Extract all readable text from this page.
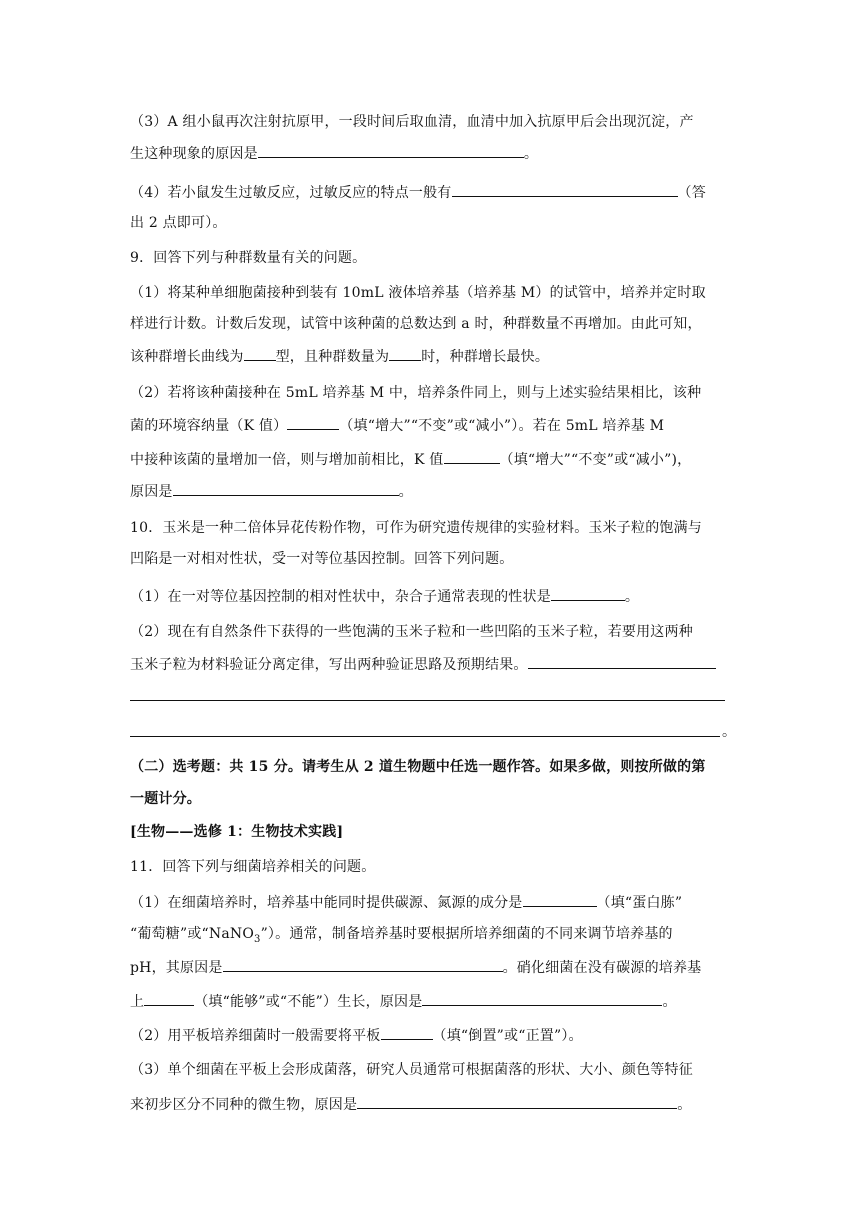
（3）A 组小鼠再次注射抗原甲，一段时间后取血清，血清中加入抗原甲后会出现沉淀，产
生这种现象的原因是	。
（4）若小鼠发生过敏反应，过敏反应的特点一般有	（答
出 2 点即可）。
9．回答下列与种群数量有关的问题。
（1）将某种单细胞菌接种到装有 10mL 液体培养基（培养基 M）的试管中，培养并定时取
样进行计数。计数后发现，试管中该种菌的总数达到 a 时，种群数量不再增加。由此可知，
该种群增长曲线为 型，且种群数量为 时，种群增长最快。
（2）若将该种菌接种在 5mL 培养基 M 中，培养条件同上，则与上述实验结果相比，该种
菌的环境容纳量（K 值）	（填“增大”“不变”或“减小”）。若在 5mL 培养基 M
中接种该菌的量增加一倍，则与增加前相比，K 值	（填“增大”“不变”或“减小”)，
原因是	。
10．玉米是一种二倍体异花传粉作物，可作为研究遗传规律的实验材料。玉米子粒的饱满与
凹陷是一对相对性状，受一对等位基因控制。回答下列问题。
（1）在一对等位基因控制的相对性状中，杂合子通常表现的性状是	。
（2）现在有自然条件下获得的一些饱满的玉米子粒和一些凹陷的玉米子粒，若要用这两种
玉米子粒为材料验证分离定律，写出两种验证思路及预期结果。
。
（二）选考题：共 15 分。请考生从 2 道生物题中任选一题作答。如果多做，则按所做的第
一题计分。
[生物——选修 1：生物技术实践]
11．回答下列与细菌培养相关的问题。
（1）在细菌培养时，培养基中能同时提供碳源、氮源的成分是	（填“蛋白胨”
“葡萄糖”或“NaNO$_3$”）。通常，制备培养基时要根据所培养细菌的不同来调节培养基的
pH，其原因是	。硝化细菌在没有碳源的培养基
上	（填“能够”或“不能”）生长，原因是	。
（2）用平板培养细菌时一般需要将平板	（填“倒置”或“正置”）。
（3）单个细菌在平板上会形成菌落，研究人员通常可根据菌落的形状、大小、颜色等特征
来初步区分不同种的微生物，原因是	。
